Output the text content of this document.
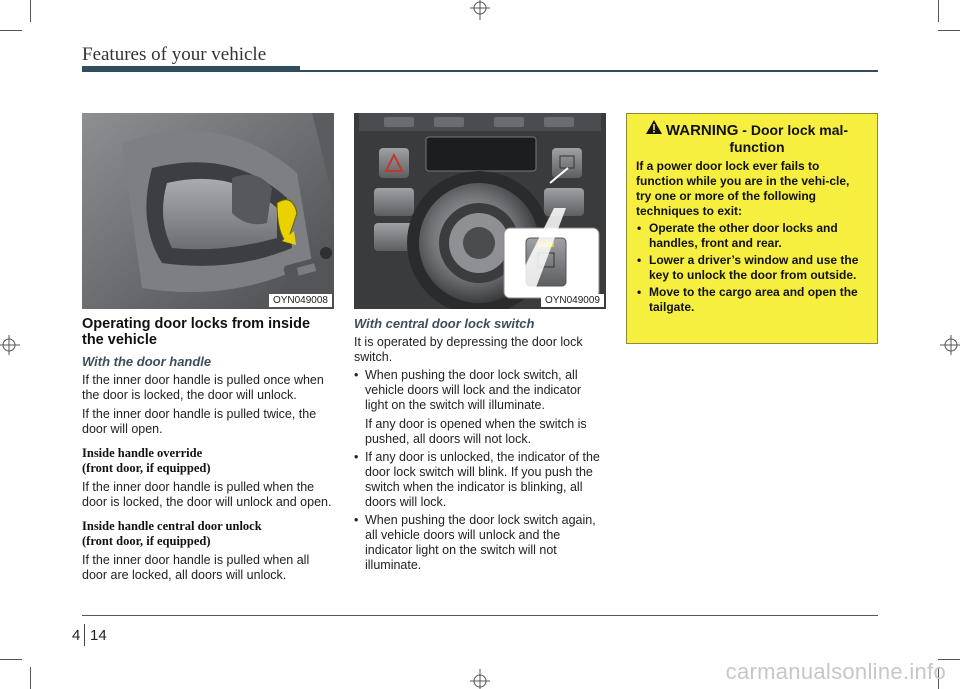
Features of your vehicle
OYN049008
Operating door locks from inside the vehicle
With the door handle

If the inner door handle is pulled once when the door is locked, the door will unlock.

If the inner door handle is pulled twice, the door will open.

Inside handle override
(front door, if equipped)

If the inner door handle is pulled when the door is locked, the door will unlock and open.

Inside handle central door unlock
(front door, if equipped)

If the inner door handle is pulled when all door are locked, all doors will unlock.

OYN049009
With central door lock switch

It is operated by depressing the door lock switch.

• When pushing the door lock switch, all vehicle doors will lock and the indicator light on the switch will illuminate.
If any door is opened when the switch is pushed, all doors will not lock.
• If any door is unlocked, the indicator of the door lock switch will blink. If you push the switch when the indicator is blinking, all doors will lock.
• When pushing the door lock switch again, all vehicle doors will unlock and the indicator light on the switch will not illuminate.
WARNING - Door lock mal-function

If a power door lock ever fails to function while you are in the vehi-cle, try one or more of the following techniques to exit:

• Operate the other door locks and handles, front and rear.
• Lower a driver’s window and use the key to unlock the door from outside.
• Move to the cargo area and open the tailgate.
4 14
carmanualsonline.info
